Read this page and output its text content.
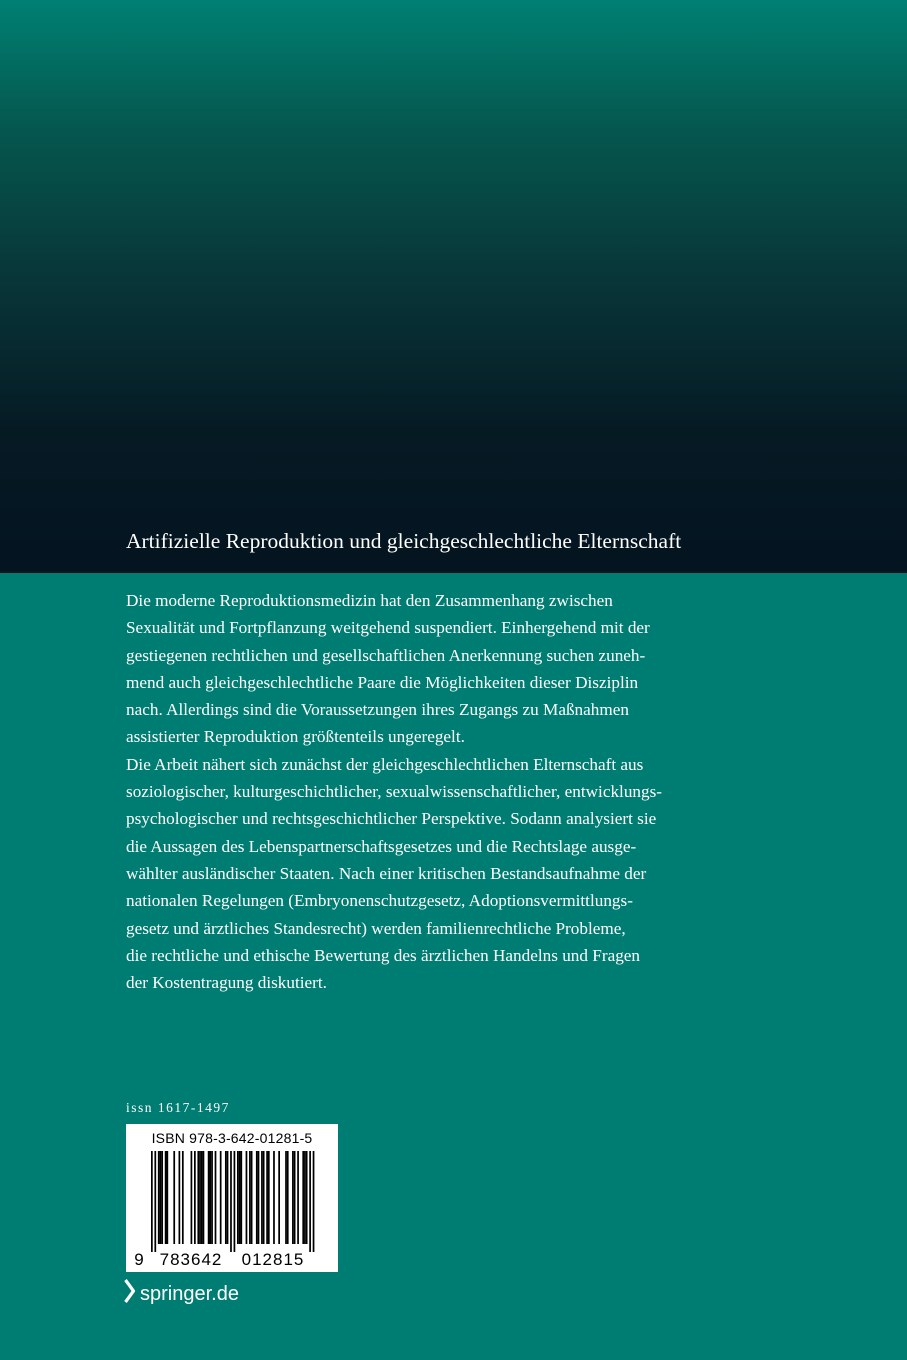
Artifizielle Reproduktion und gleichgeschlechtliche Elternschaft
Die moderne Reproduktionsmedizin hat den Zusammenhang zwischen
Sexualität und Fortpflanzung weitgehend suspendiert. Einhergehend mit der
gestiegenen rechtlichen und gesellschaftlichen Anerkennung suchen zuneh-
mend auch gleichgeschlechtliche Paare die Möglichkeiten dieser Disziplin
nach. Allerdings sind die Voraussetzungen ihres Zugangs zu Maßnahmen
assistierter Reproduktion größtenteils ungeregelt.
Die Arbeit nähert sich zunächst der gleichgeschlechtlichen Elternschaft aus
soziologischer, kulturgeschichtlicher, sexualwissenschaftlicher, entwicklungs-
psychologischer und rechtsgeschichtlicher Perspektive. Sodann analysiert sie
die Aussagen des Lebenspartnerschaftsgesetzes und die Rechtslage ausge-
wählter ausländischer Staaten. Nach einer kritischen Bestandsaufnahme der
nationalen Regelungen (Embryonenschutzgesetz, Adoptionsvermittlungs-
gesetz und ärztliches Standesrecht) werden familienrechtliche Probleme,
die rechtliche und ethische Bewertung des ärztlichen Handelns und Fragen
der Kostentragung diskutiert.
issn 1617-1497
ISBN 978-3-642-01281-5
9 783642 012815
springer.de
